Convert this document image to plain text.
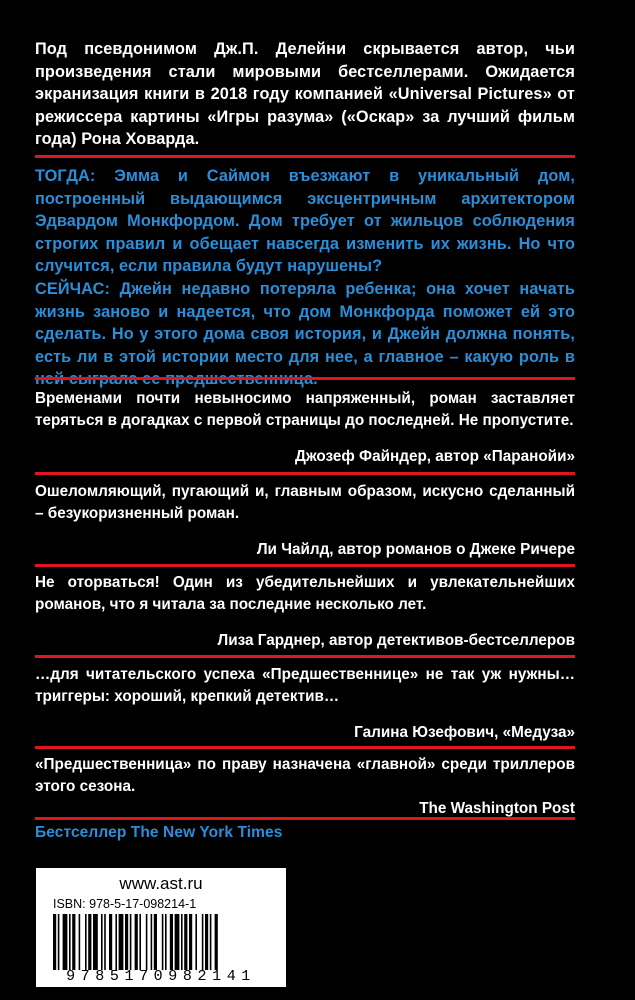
Под псевдонимом Дж.П. Делейни скрывается автор, чьи произведения стали мировыми бестселлерами. Ожидается экранизация книги в 2018 году компанией «Universal Pictures» от режиссера картины «Игры разума» («Оскар» за лучший фильм года) Рона Ховарда.

ТОГДА: Эмма и Саймон въезжают в уникальный дом, построенный выдающимся эксцентричным архитектором Эдвардом Монкфордом. Дом требует от жильцов соблюдения строгих правил и обещает навсегда изменить их жизнь. Но что случится, если правила будут нарушены?

СЕЙЧАС: Джейн недавно потеряла ребенка; она хочет начать жизнь заново и надеется, что дом Монкфорда поможет ей это сделать. Но у этого дома своя история, и Джейн должна понять, есть ли в этой истории место для нее, а главное – какую роль в

Временами почти невыносимо напряженный, роман заставляет теряться в догадках с первой страницы до последней. Не пропустите.

Джозеф Файндер, автор «Паранойи»

Ошеломляющий, пугающий и, главным образом, искусно сделанный – безукоризненный роман.

Ли Чайлд, автор романов о Джеке Ричере

Не оторваться! Один из убедительнейших и увлекательнейших романов, что я читала за последние несколько лет.

Лиза Гарднер, автор детективов-бестселлеров

…для читательского успеха «Предшественнице» не так уж нужны… триггеры: хороший, крепкий детектив…

Галина Юзефович, «Медуза»

«Предшественница» по праву назначена «главной» среди триллеров этого сезона.

The Washington Post

Бестселлер The New York Times

www.ast.ru
ISBN: 978-5-17-098214-1
9785170982141
